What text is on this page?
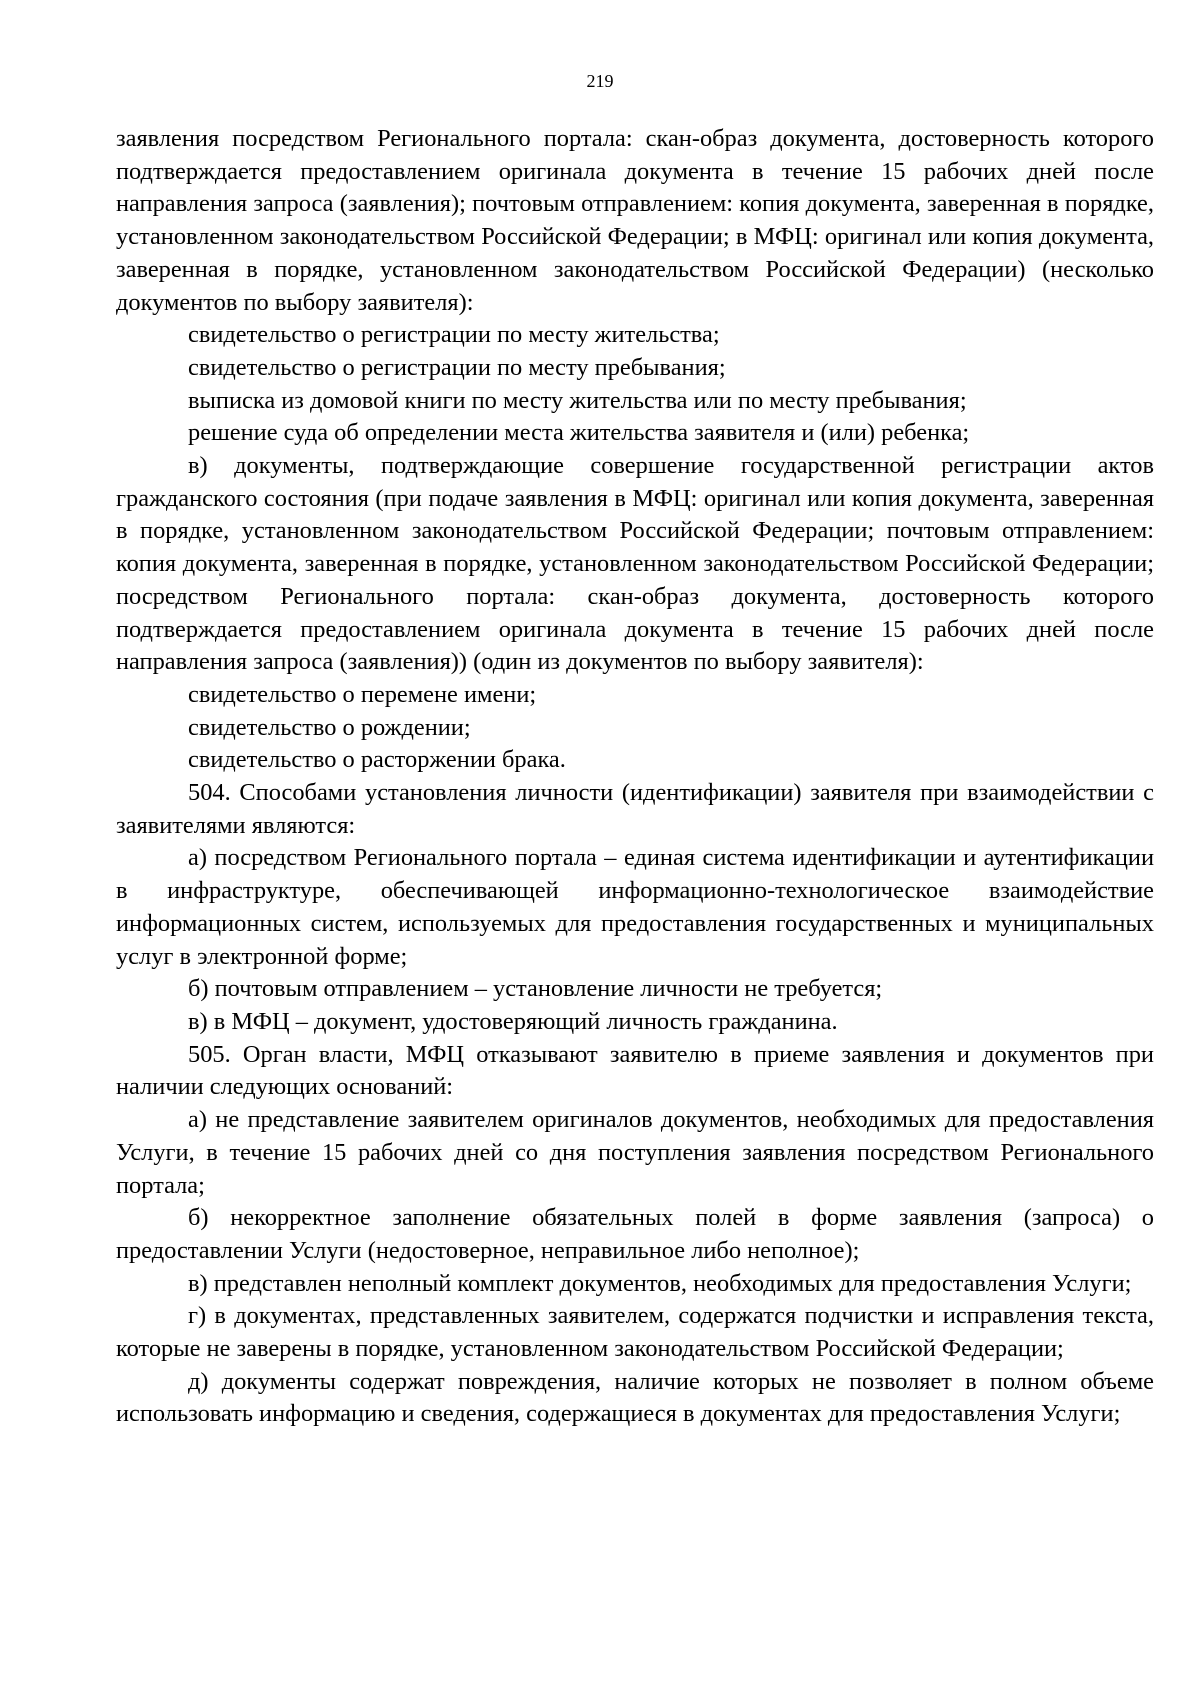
219

заявления посредством Регионального портала: скан-образ документа, достоверность которого подтверждается предоставлением оригинала документа в течение 15 рабочих дней после направления запроса (заявления); почтовым отправлением: копия документа, заверенная в порядке, установленном законодательством Российской Федерации; в МФЦ: оригинал или копия документа, заверенная в порядке, установленном законодательством Российской Федерации) (несколько документов по выбору заявителя):

свидетельство о регистрации по месту жительства;

свидетельство о регистрации по месту пребывания;

выписка из домовой книги по месту жительства или по месту пребывания;

решение суда об определении места жительства заявителя и (или) ребенка;

в) документы, подтверждающие совершение государственной регистрации актов гражданского состояния (при подаче заявления в МФЦ: оригинал или копия документа, заверенная в порядке, установленном законодательством Российской Федерации; почтовым отправлением: копия документа, заверенная в порядке, установленном законодательством Российской Федерации; посредством Регионального портала: скан-образ документа, достоверность которого подтверждается предоставлением оригинала документа в течение 15 рабочих дней после направления запроса (заявления)) (один из документов по выбору заявителя):

свидетельство о перемене имени;

свидетельство о рождении;

свидетельство о расторжении брака.

504. Способами установления личности (идентификации) заявителя при взаимодействии с заявителями являются:

а) посредством Регионального портала – единая система идентификации и аутентификации в инфраструктуре, обеспечивающей информационно-технологическое взаимодействие информационных систем, используемых для предоставления государственных и муниципальных услуг в электронной форме;

б) почтовым отправлением – установление личности не требуется;

в) в МФЦ – документ, удостоверяющий личность гражданина.

505. Орган власти, МФЦ отказывают заявителю в приеме заявления и документов при наличии следующих оснований:

а) не представление заявителем оригиналов документов, необходимых для предоставления Услуги, в течение 15 рабочих дней со дня поступления заявления посредством Регионального портала;

б) некорректное заполнение обязательных полей в форме заявления (запроса) о предоставлении Услуги (недостоверное, неправильное либо неполное);

в) представлен неполный комплект документов, необходимых для предоставления Услуги;

г) в документах, представленных заявителем, содержатся подчистки и исправления текста, которые не заверены в порядке, установленном законодательством Российской Федерации;

д) документы содержат повреждения, наличие которых не позволяет в полном объеме использовать информацию и сведения, содержащиеся в документах для предоставления Услуги;
